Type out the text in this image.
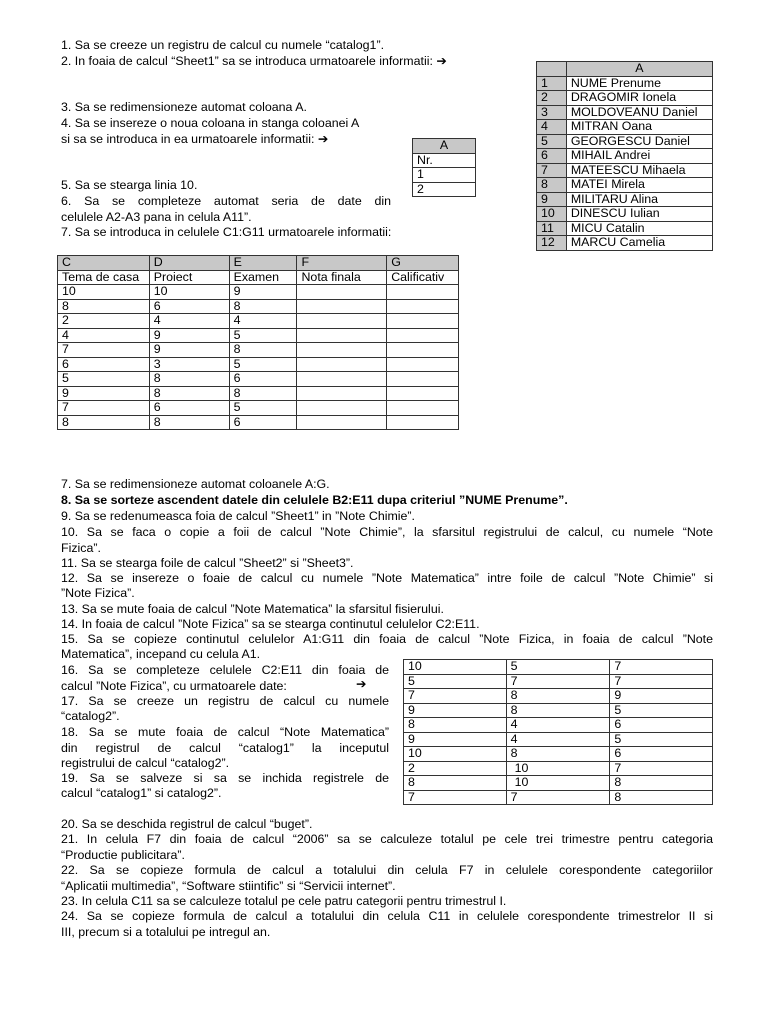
1. Sa se creeze un registru de calcul cu numele “catalog1”.
2. In foaia de calcul “Sheet1” sa se introduca urmatoarele informatii: ➔
3. Sa se redimensioneze automat coloana A.
4. Sa se insereze o noua coloana in stanga coloanei A
si sa se introduca in ea urmatoarele informatii: ➔
5. Sa se stearga linia 10.
6. Sa se completeze automat seria de date din
celulele A2-A3 pana in celula A11”.
7. Sa se introduca in celulele C1:G11 urmatoarele informatii:
	A
1	NUME Prenume
2	DRAGOMIR Ionela
3	MOLDOVEANU Daniel
4	MITRAN Oana
5	GEORGESCU Daniel
6	MIHAIL Andrei
7	MATEESCU Mihaela
8	MATEI Mirela
9	MILITARU Alina
10	DINESCU Iulian
11	MICU Catalin
12	MARCU Camelia
A
Nr.
1
2
C	D	E	F	G
Tema de casa	Proiect	Examen	Nota finala	Calificativ
10	10	9		
8	6	8		
2	4	4		
4	9	5		
7	9	8		
6	3	5		
5	8	6		
9	8	8		
7	6	5		
8	8	6		
7. Sa se redimensioneze automat coloanele A:G.
8. Sa se sorteze ascendent datele din celulele B2:E11 dupa criteriul ”NUME Prenume”.
9. Sa se redenumeasca foia de calcul ”Sheet1” in ”Note Chimie”.
10. Sa se faca o copie a foii de calcul ”Note Chimie”, la sfarsitul registrului de calcul, cu numele “Note
Fizica”.
11. Sa se stearga foile de calcul ”Sheet2” si ”Sheet3”.
12. Sa se insereze o foaie de calcul cu numele ”Note Matematica” intre foile de calcul ”Note Chimie” si
”Note Fizica”.
13. Sa se mute foaia de calcul ”Note Matematica” la sfarsitul fisierului.
14. In foaia de calcul ”Note Fizica” sa se stearga continutul celulelor C2:E11.
15. Sa se copieze continutul celulelor A1:G11 din foaia de calcul ”Note Fizica, in foaia de calcul ”Note
Matematica”, incepand cu celula A1.
16. Sa se completeze celulele C2:E11 din foaia de
calcul ”Note Fizica”, cu urmatoarele date:	➔
17. Sa se creeze un registru de calcul cu numele
“catalog2”.
18. Sa se mute foaia de calcul “Note Matematica”
din registrul de calcul “catalog1” la inceputul
registrului de calcul “catalog2”.
19. Sa se salveze si sa se inchida registrele de
calcul “catalog1” si catalog2”.
10	5	7
5	7	7
7	8	9
9	8	5
8	4	6
9	4	5
10	8	6
2	10	7
8	10	8
7	7	8
20. Sa se deschida registrul de calcul “buget”.
21. In celula F7 din foaia de calcul “2006” sa se calculeze totalul pe cele trei trimestre pentru categoria
“Productie publicitara”.
22. Sa se copieze formula de calcul a totalului din celula F7 in celulele corespondente categoriilor
“Aplicatii multimedia”, “Software stiintific” si “Servicii internet”.
23. In celula C11 sa se calculeze totalul pe cele patru categorii pentru trimestrul I.
24. Sa se copieze formula de calcul a totalului din celula C11 in celulele corespondente trimestrelor II si
III, precum si a totalului pe intregul an.
